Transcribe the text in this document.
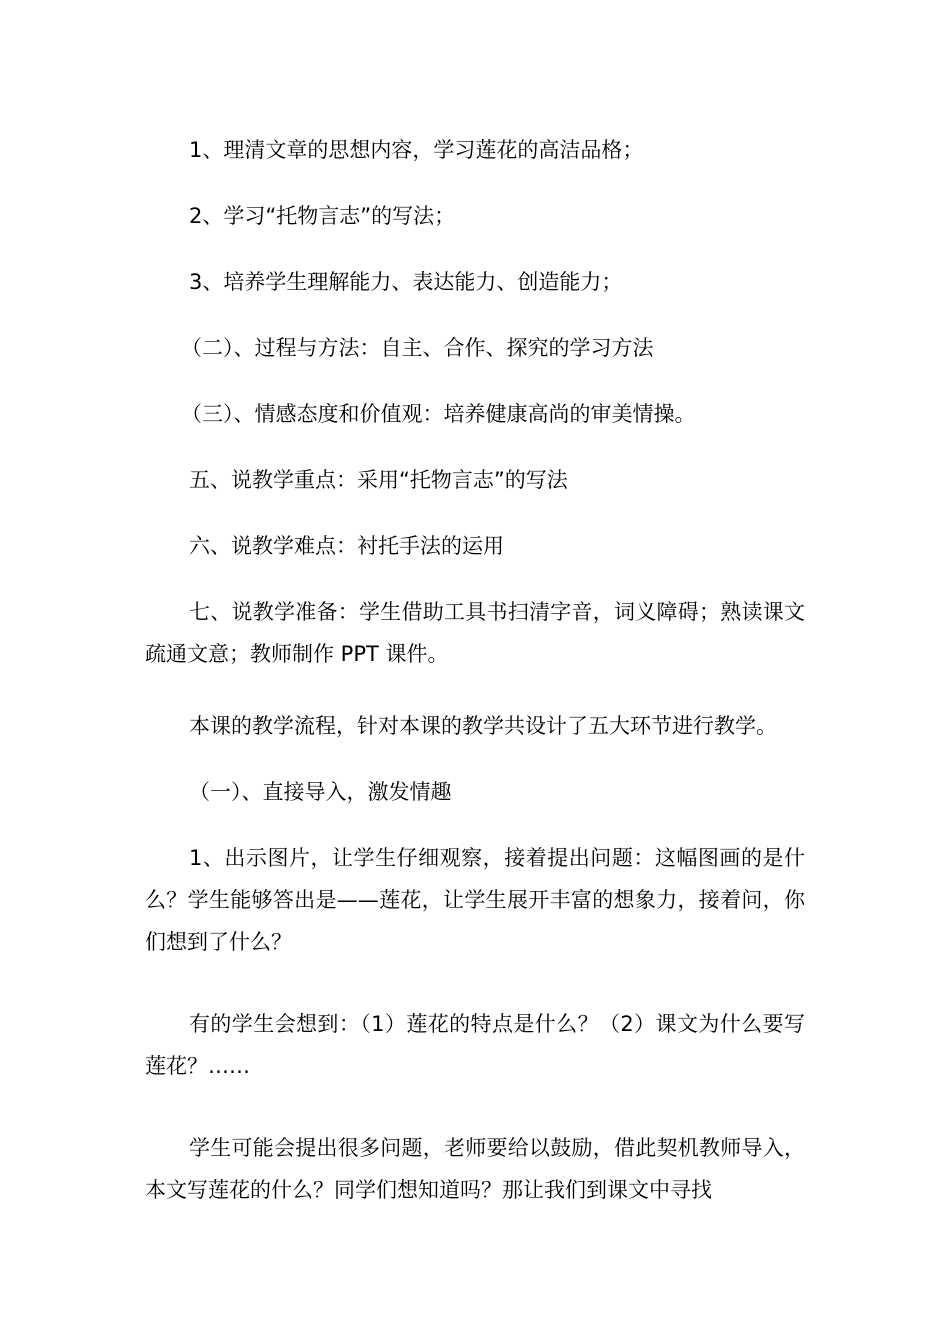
1、理清文章的思想内容，学习莲花的高洁品格；

2、学习“托物言志”的写法；

3、培养学生理解能力、表达能力、创造能力；

（二）、过程与方法：自主、合作、探究的学习方法

（三）、情感态度和价值观：培养健康高尚的审美情操。

五、说教学重点：采用“托物言志”的写法

六、说教学难点：衬托手法的运用

七、说教学准备：学生借助工具书扫清字音，词义障碍；熟读课文疏通文意；教师制作 PPT 课件。

本课的教学流程，针对本课的教学共设计了五大环节进行教学。

（一）、直接导入，激发情趣

1、出示图片，让学生仔细观察，接着提出问题：这幅图画的是什么？学生能够答出是——莲花，让学生展开丰富的想象力，接着问，你们想到了什么？

有的学生会想到：（1）莲花的特点是什么？（2）课文为什么要写莲花？……

学生可能会提出很多问题，老师要给以鼓励，借此契机教师导入，本文写莲花的什么？同学们想知道吗？那让我们到课文中寻找
